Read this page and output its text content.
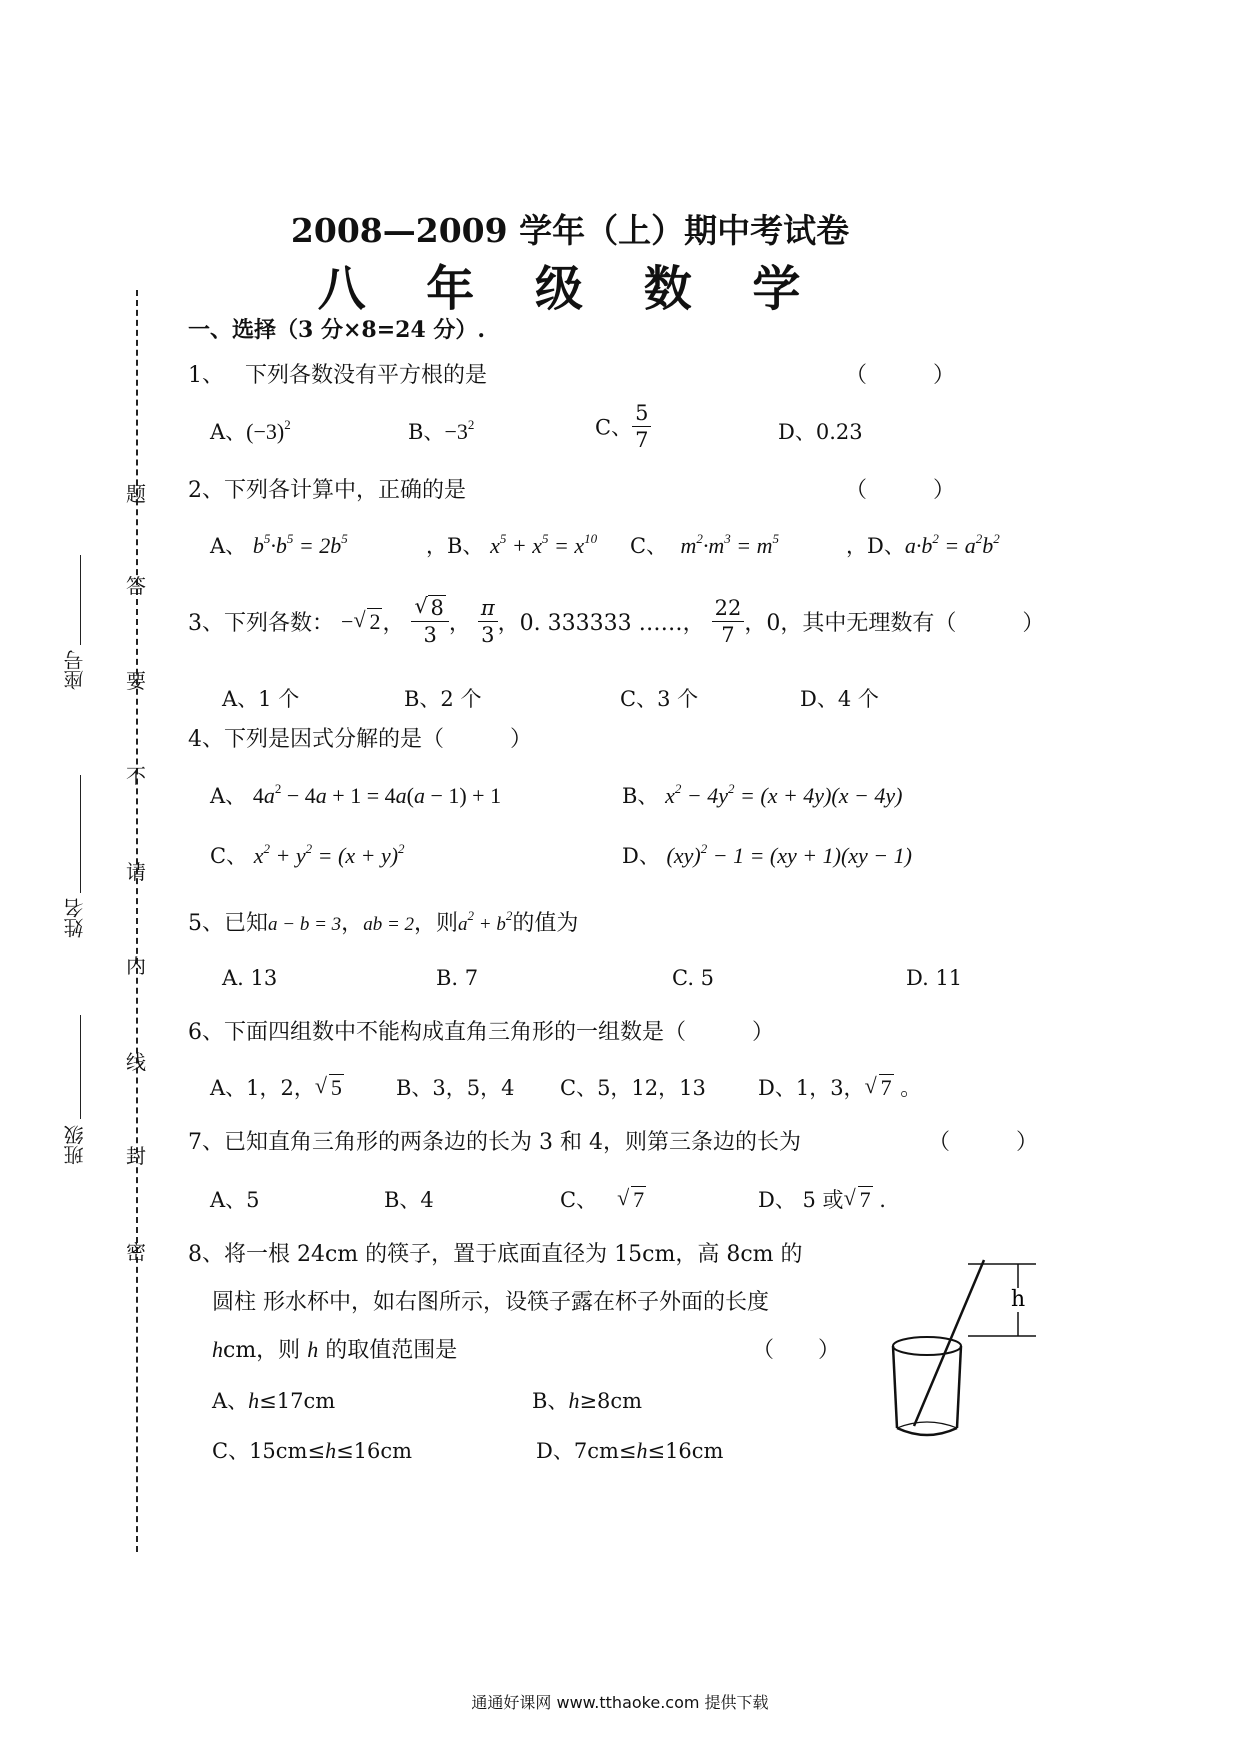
2008—2009 学年（上）期中考试卷
八 年 级 数 学
题
答
要
不
请
内
线
封
密
座号
姓名
班级
一、选择（3 分×8=24 分）.
1、 下列各数没有平方根的是	（　　　）
A、$(-3)^2$	B、$-3^2$	C、 $\frac{5}{7}$	D、0.23
2、下列各计算中，正确的是	（　　　）
A、 $b^5\cdot b^5 = 2b^5$	，B、 $x^5 + x^5 = x^{10}$ C、 $m^2\cdot m^3 = m^5$	，D、$a\cdot b^2 = a^2b^2$
3、下列各数： − √ 2， √ $\frac{8}{3}$ ， $\frac{\pi}{3}$ ，0. 333333 ……， $\frac{22}{7}$ ，0，其中无理数有（　　　）
A、1 个	B、2 个	C、3 个	D、4 个
4、下列是因式分解的是（　　　）
A、 $4a^2 - 4a + 1 = 4a(a - 1) + 1$	B、 $x^2 - 4y^2 = (x + 4y)(x - 4y)$
C、 $x^2 + y^2 = (x + y)^2$	D、 (xy)$^2$ − 1 = (xy + 1)(xy − 1)
5、已知a − b = 3，ab = 2，则$a^2 + b^2$的值为
A. 13	B. 7	C. 5	D. 11
6、下面四组数中不能构成直角三角形的一组数是（　　　）
A、1，2， √ 5	B、3，5，4 C、5，12，13 D、1，3， √ 7 。
7、已知直角三角形的两条边的长为 3 和 4，则第三条边的长为	（　　　）
A、5	B、4	C、 √ 7	D、 5 或 √ 7 .
8、将一根 24cm 的筷子，置于底面直径为 15cm，高 8cm 的
圆柱 形水杯中，如右图所示，设筷子露在杯子外面的长度
hcm，则 h 的取值范围是	（　　）
A、h≤17cm	B、h≥8cm
C、15cm≤h≤16cm	D、7cm≤h≤16cm
h
通通好课网 www.tthaoke.com 提供下载
